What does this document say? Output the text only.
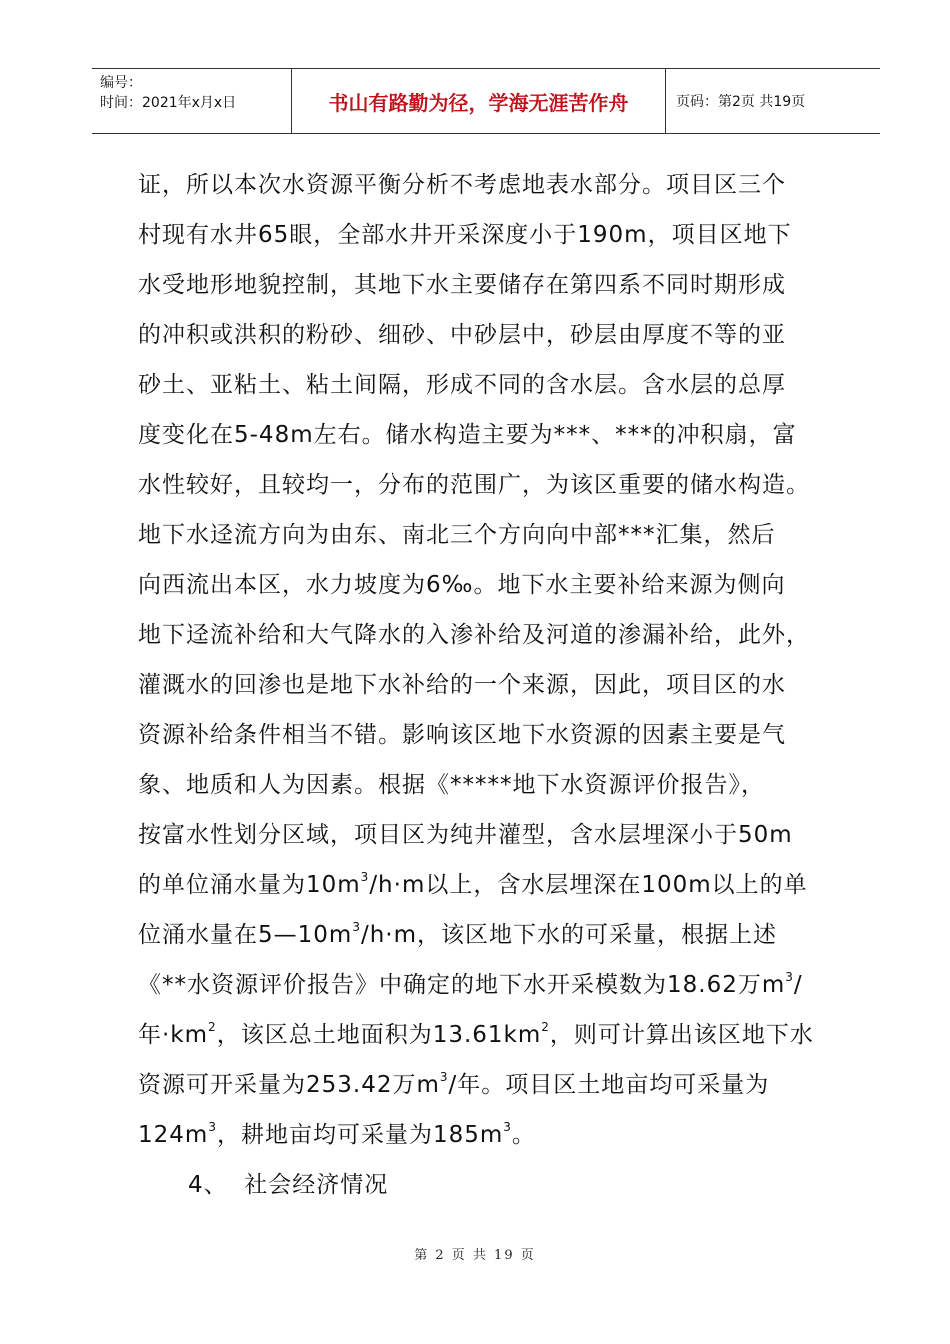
编号：
时间：2021年x月x日	书山有路勤为径，学海无涯苦作舟	页码：第2页 共19页
证，所以本次水资源平衡分析不考虑地表水部分。项目区三个
村现有水井65眼，全部水井开采深度小于190m，项目区地下
水受地形地貌控制，其地下水主要储存在第四系不同时期形成
的冲积或洪积的粉砂、细砂、中砂层中，砂层由厚度不等的亚
砂土、亚粘土、粘土间隔，形成不同的含水层。含水层的总厚
度变化在5-48m左右。储水构造主要为***、***的冲积扇，富
水性较好，且较均一，分布的范围广，为该区重要的储水构造。
地下水迳流方向为由东、南北三个方向向中部***汇集，然后
向西流出本区，水力坡度为6‰。地下水主要补给来源为侧向
地下迳流补给和大气降水的入渗补给及河道的渗漏补给，此外，
灌溉水的回渗也是地下水补给的一个来源，因此，项目区的水
资源补给条件相当不错。影响该区地下水资源的因素主要是气
象、地质和人为因素。根据《*****地下水资源评价报告》，
按富水性划分区域，项目区为纯井灌型，含水层埋深小于50m
的单位涌水量为$10m^3/h\cdot m$以上，含水层埋深在100m以上的单
位涌水量在$5—10m^3/h\cdot m$，该区地下水的可采量，根据上述
《**水资源评价报告》中确定的地下水开采模数为18.62万$m^3/$
年$\cdot km^2$，该区总土地面积为$13.61km^2$，则可计算出该区地下水
资源可开采量为253.42万$m^3/$年。项目区土地亩均可采量为
$124m^3$，耕地亩均可采量为$185m^3$。
4、  社会经济情况
第 2 页 共 19 页
